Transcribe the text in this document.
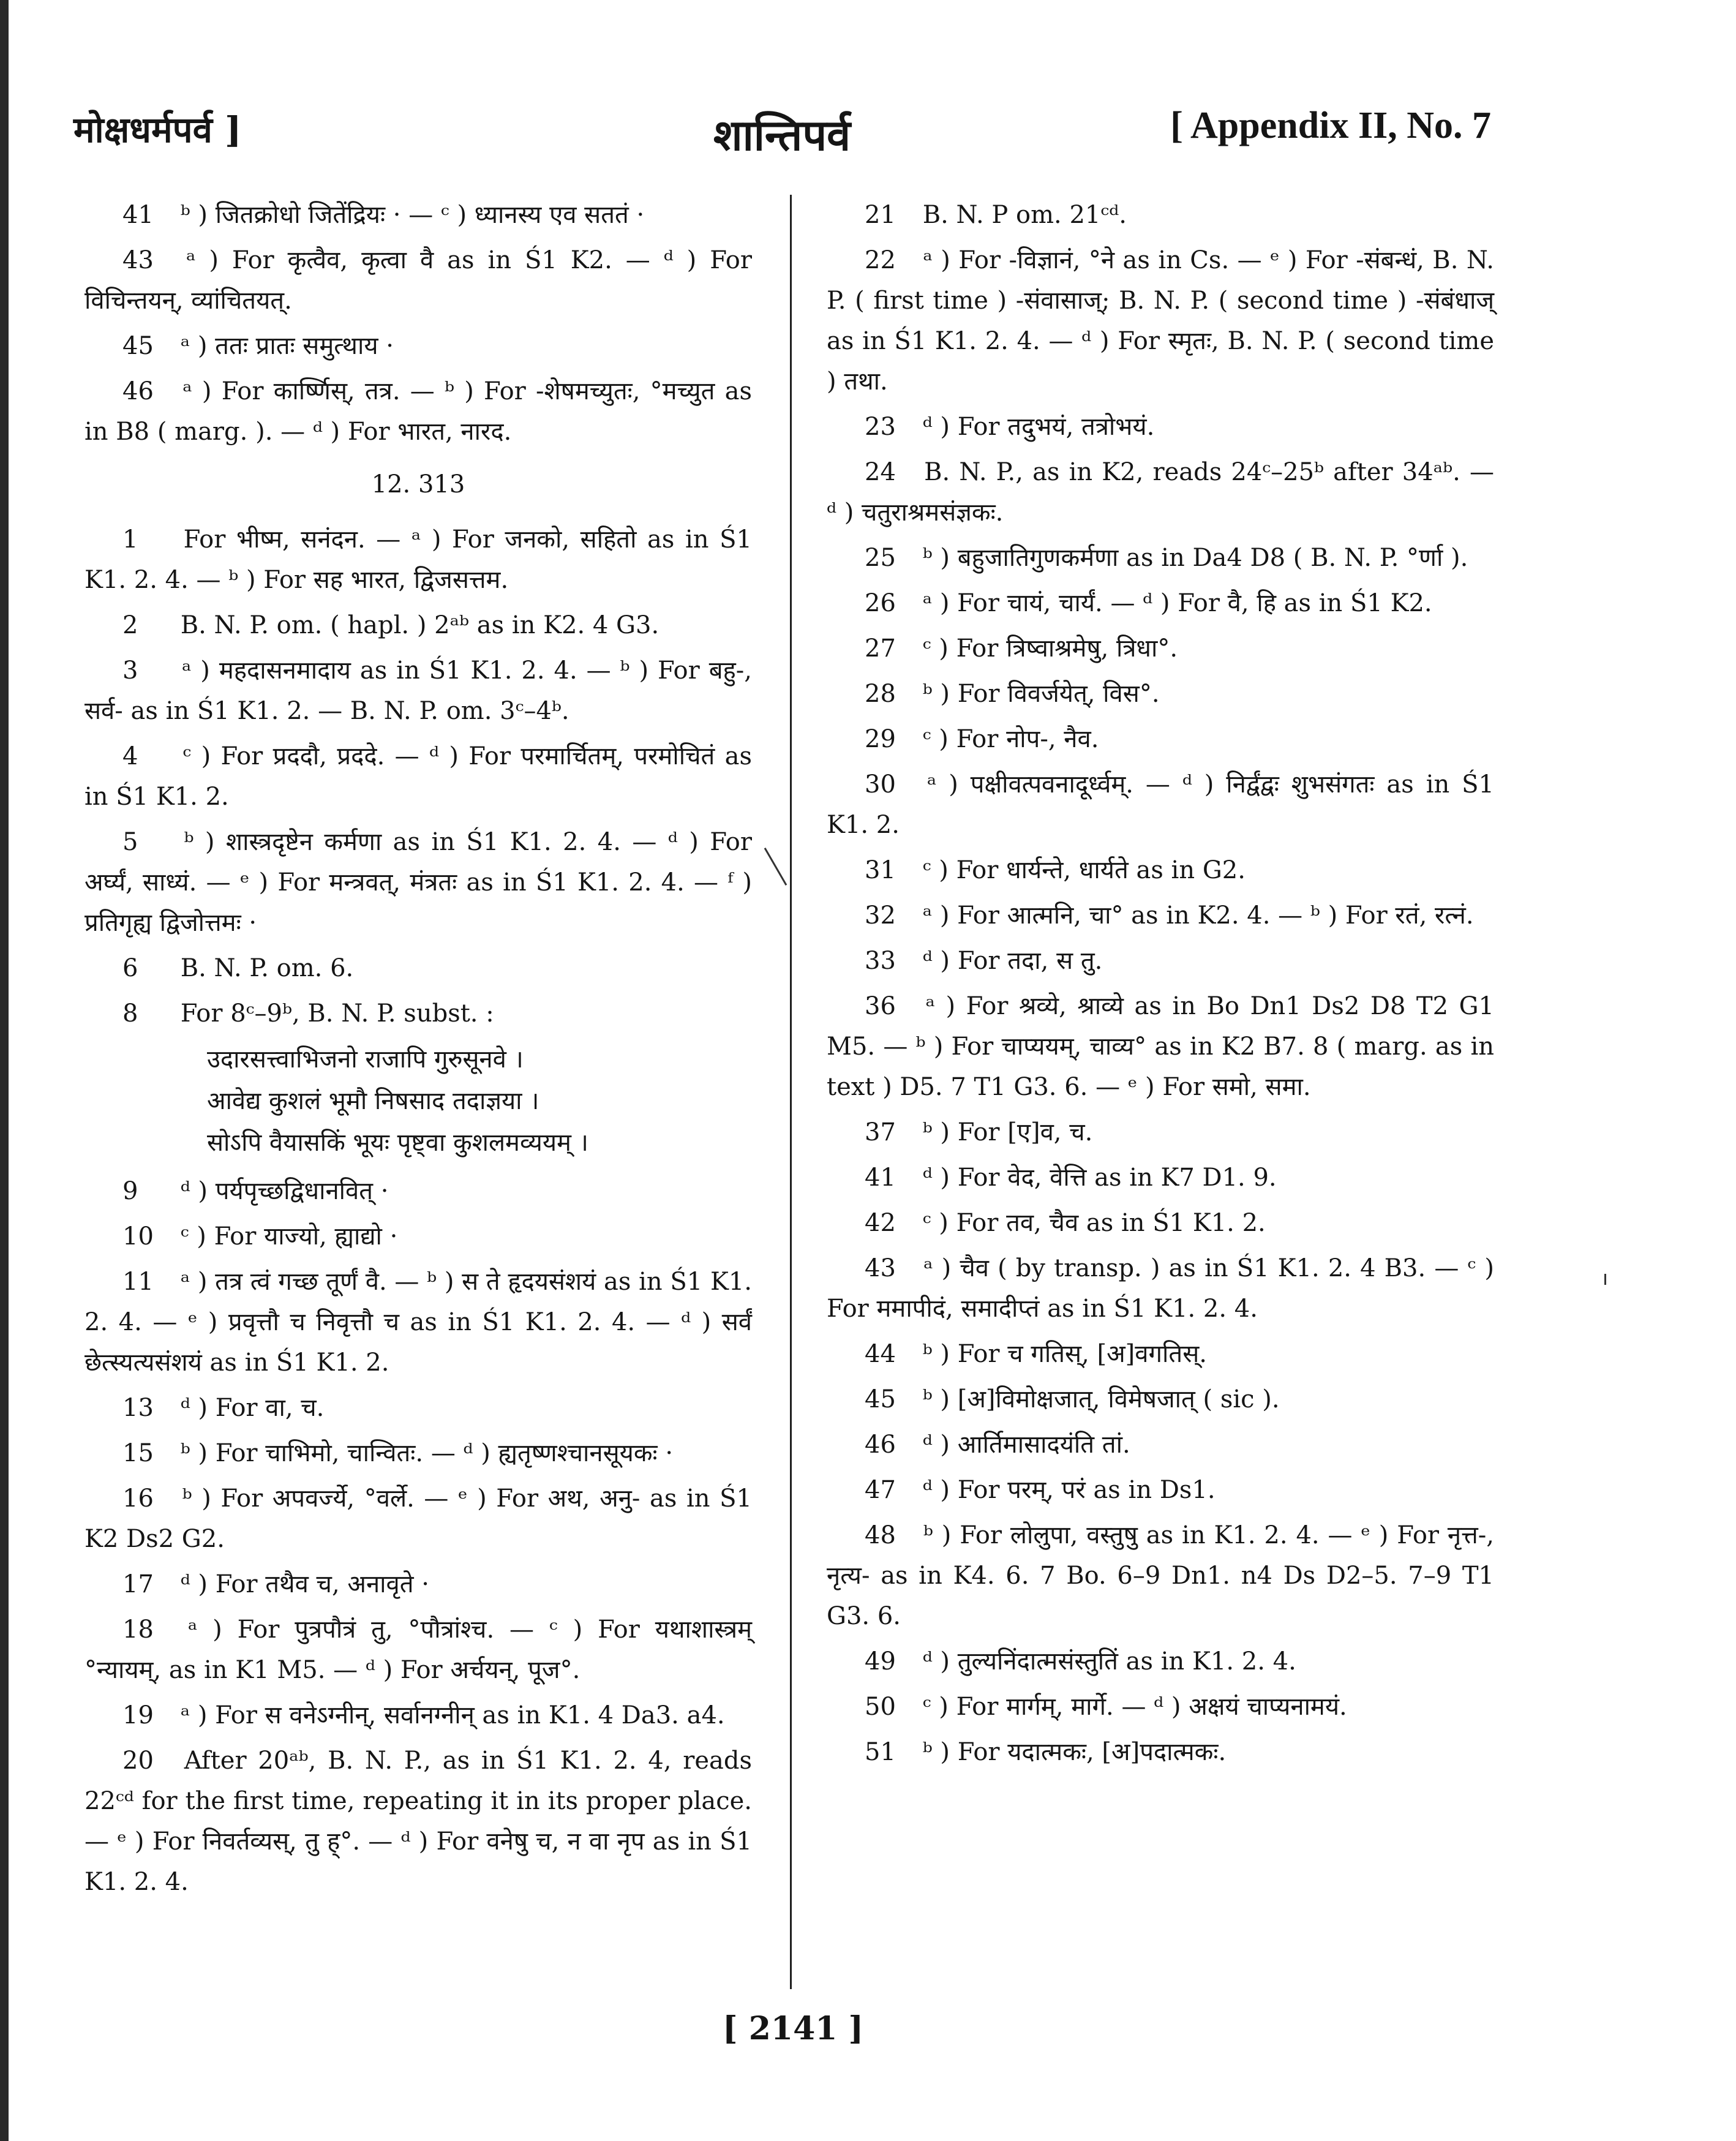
मोक्षधर्मपर्व ]	शान्तिपर्व	[ Appendix II, No. 7
41 ᵇ ) जितक्रोधो जितेंद्रियः · — ᶜ ) ध्यानस्य एव सततं ·
43 ᵃ ) For कृत्वैव, कृत्वा वै as in Ś1 K2. — ᵈ ) For विचिन्तयन्, व्यांचितयत्.
45 ᵃ ) ततः प्रातः समुत्थाय ·
46 ᵃ ) For कार्ष्णिस्, तत्र. — ᵇ ) For -शेषमच्युतः, °मच्युत as in B8 ( marg. ). — ᵈ ) For भारत, नारद.
12. 313
1 For भीष्म, सनंदन. — ᵃ ) For जनको, सहितो as in Ś1 K1. 2. 4. — ᵇ ) For सह भारत, द्विजसत्तम.
2 B. N. P. om. ( hapl. ) 2ᵃᵇ as in K2. 4 G3.
3 ᵃ ) महदासनमादाय as in Ś1 K1. 2. 4. — ᵇ ) For बहु-, सर्व- as in Ś1 K1. 2. — B. N. P. om. 3ᶜ–4ᵇ.
4 ᶜ ) For प्रददौ, प्रददे. — ᵈ ) For परमार्चितम्, परमोचितं as in Ś1 K1. 2.
5 ᵇ ) शास्त्रदृष्टेन कर्मणा as in Ś1 K1. 2. 4. — ᵈ ) For अर्घ्यं, साध्यं. — ᵉ ) For मन्त्रवत्, मंत्रतः as in Ś1 K1. 2. 4. — ᶠ ) प्रतिगृह्य द्विजोत्तमः ·
6 B. N. P. om. 6.
8 For 8ᶜ–9ᵇ, B. N. P. subst. :
उदारसत्त्वाभिजनो राजापि गुरुसूनवे ।
आवेद्य कुशलं भूमौ निषसाद तदाज्ञया ।
सोऽपि वैयासकिं भूयः पृष्ट्वा कुशलमव्ययम् ।
9 ᵈ ) पर्यपृच्छद्विधानवित् ·
10 ᶜ ) For याज्यो, ह्याद्यो ·
11 ᵃ ) तत्र त्वं गच्छ तूर्णं वै. — ᵇ ) स ते हृदयसंशयं as in Ś1 K1. 2. 4. — ᵉ ) प्रवृत्तौ च निवृत्तौ च as in Ś1 K1. 2. 4. — ᵈ ) सर्वं छेत्स्यत्यसंशयं as in Ś1 K1. 2.
13 ᵈ ) For वा, च.
15 ᵇ ) For चाभिमो, चान्वितः. — ᵈ ) ह्यतृष्णश्चानसूयकः ·
16 ᵇ ) For अपवर्ज्ये, °वर्ले. — ᵉ ) For अथ, अनु- as in Ś1 K2 Ds2 G2.
17 ᵈ ) For तथैव च, अनावृते ·
18 ᵃ ) For पुत्रपौत्रं तु, °पौत्रांश्च. — ᶜ ) For यथाशास्त्रम् °न्यायम्, as in K1 M5. — ᵈ ) For अर्चयन्, पूज°.
19 ᵃ ) For स वनेऽग्नीन्, सर्वानग्नीन् as in K1. 4 Da3. a4.
20 After 20ᵃᵇ, B. N. P., as in Ś1 K1. 2. 4, reads 22ᶜᵈ for the first time, repeating it in its proper place. — ᵉ ) For निवर्तव्यस्, तु ह्°. — ᵈ ) For वनेषु च, न वा नृप as in Ś1 K1. 2. 4.
21 B. N. P om. 21ᶜᵈ.
22 ᵃ ) For -विज्ञानं, °ने as in Cs. — ᵉ ) For -संबन्धं, B. N. P. ( first time ) -संवासाज्; B. N. P. ( second time ) -संबंधाज् as in Ś1 K1. 2. 4. — ᵈ ) For स्मृतः, B. N. P. ( second time ) तथा.
23 ᵈ ) For तदुभयं, तत्रोभयं.
24 B. N. P., as in K2, reads 24ᶜ–25ᵇ after 34ᵃᵇ. — ᵈ ) चतुराश्रमसंज्ञकः.
25 ᵇ ) बहुजातिगुणकर्मणा as in Da4 D8 ( B. N. P. °र्णा ).
26 ᵃ ) For चायं, चार्यं. — ᵈ ) For वै, हि as in Ś1 K2.
27 ᶜ ) For त्रिष्वाश्रमेषु, त्रिधा°.
28 ᵇ ) For विवर्जयेत्, विस°.
29 ᶜ ) For नोप-, नैव.
30 ᵃ ) पक्षीवत्पवनादूर्ध्वम्. — ᵈ ) निर्द्वंद्वः शुभसंगतः as in Ś1 K1. 2.
31 ᶜ ) For धार्यन्ते, धार्यते as in G2.
32 ᵃ ) For आत्मनि, चा° as in K2. 4. — ᵇ ) For रतं, रत्नं.
33 ᵈ ) For तदा, स तु.
36 ᵃ ) For श्रव्ये, श्राव्ये as in Bo Dn1 Ds2 D8 T2 G1 M5. — ᵇ ) For चाप्ययम्, चाव्य° as in K2 B7. 8 ( marg. as in text ) D5. 7 T1 G3. 6. — ᵉ ) For समो, समा.
37 ᵇ ) For [ए]व, च.
41 ᵈ ) For वेद, वेत्ति as in K7 D1. 9.
42 ᶜ ) For तव, चैव as in Ś1 K1. 2.
43 ᵃ ) चैव ( by transp. ) as in Ś1 K1. 2. 4 B3. — ᶜ ) For ममापीदं, समादीप्तं as in Ś1 K1. 2. 4.
44 ᵇ ) For च गतिस्, [अ]वगतिस्.
45 ᵇ ) [अ]विमोक्षजात्, विमेषजात् ( sic ).
46 ᵈ ) आर्तिमासादयंति तां.
47 ᵈ ) For परम्, परं as in Ds1.
48 ᵇ ) For लोलुपा, वस्तुषु as in K1. 2. 4. — ᵉ ) For नृत्त-, नृत्य- as in K4. 6. 7 Bo. 6–9 Dn1. n4 Ds D2–5. 7–9 T1 G3. 6.
49 ᵈ ) तुल्यनिंदात्मसंस्तुतिं as in K1. 2. 4.
50 ᶜ ) For मार्गम्, मार्गे. — ᵈ ) अक्षयं चाप्यनामयं.
51 ᵇ ) For यदात्मकः, [अ]पदात्मकः.
[ 2141 ]
